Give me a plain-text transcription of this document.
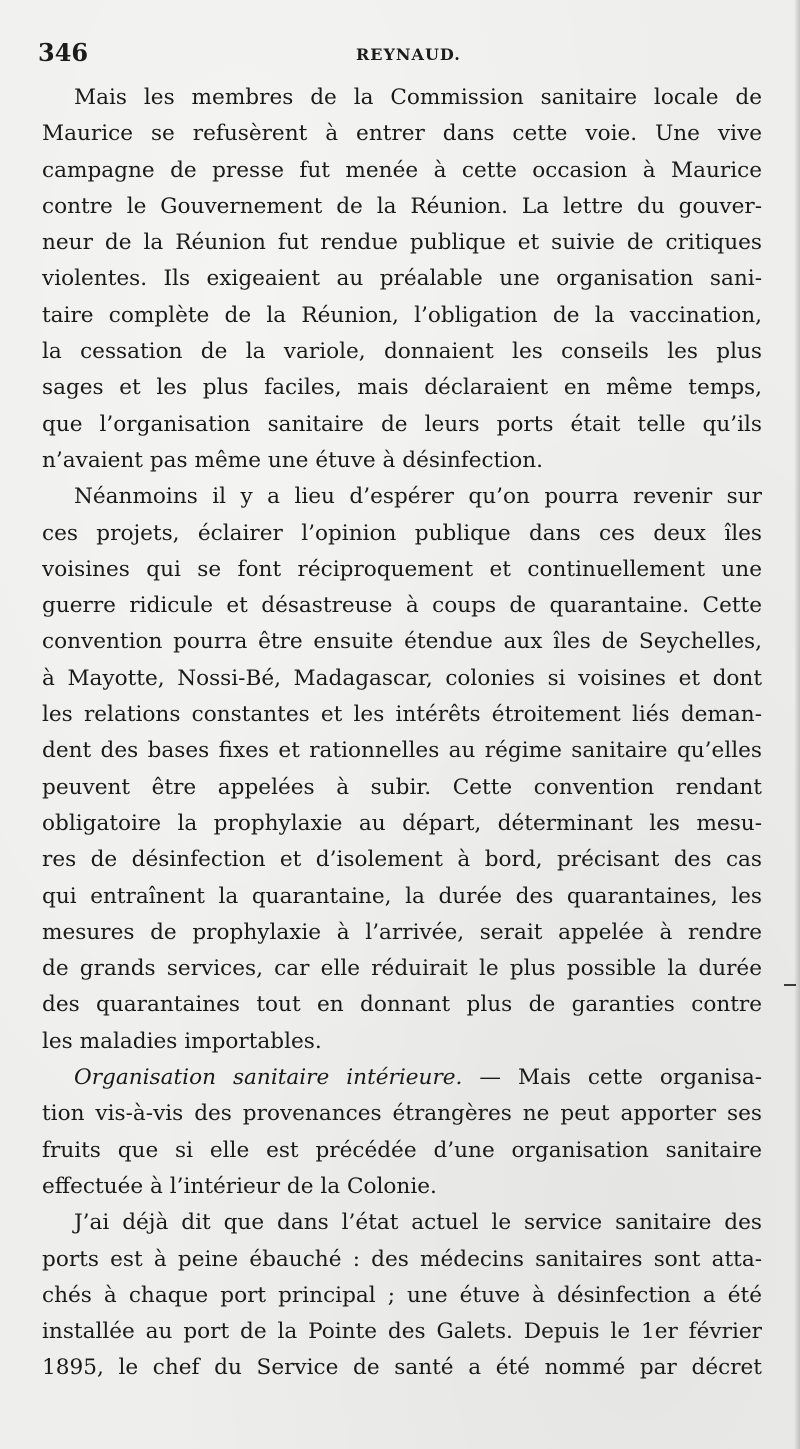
346	REYNAUD.
Mais les membres de la Commission sanitaire locale de
Maurice se refusèrent à entrer dans cette voie. Une vive
campagne de presse fut menée à cette occasion à Maurice
contre le Gouvernement de la Réunion. La lettre du gouver-
neur de la Réunion fut rendue publique et suivie de critiques
violentes. Ils exigeaient au préalable une organisation sani-
taire complète de la Réunion, l’obligation de la vaccination,
la cessation de la variole, donnaient les conseils les plus
sages et les plus faciles, mais déclaraient en même temps,
que l’organisation sanitaire de leurs ports était telle qu’ils
n’avaient pas même une étuve à désinfection.
Néanmoins il y a lieu d’espérer qu’on pourra revenir sur
ces projets, éclairer l’opinion publique dans ces deux îles
voisines qui se font réciproquement et continuellement une
guerre ridicule et désastreuse à coups de quarantaine. Cette
convention pourra être ensuite étendue aux îles de Seychelles,
à Mayotte, Nossi-Bé, Madagascar, colonies si voisines et dont
les relations constantes et les intérêts étroitement liés deman-
dent des bases fixes et rationnelles au régime sanitaire qu’elles
peuvent être appelées à subir. Cette convention rendant
obligatoire la prophylaxie au départ, déterminant les mesu-
res de désinfection et d’isolement à bord, précisant des cas
qui entraînent la quarantaine, la durée des quarantaines, les
mesures de prophylaxie à l’arrivée, serait appelée à rendre
de grands services, car elle réduirait le plus possible la durée
des quarantaines tout en donnant plus de garanties contre
les maladies importables.
Organisation sanitaire intérieure. — Mais cette organisa-
tion vis-à-vis des provenances étrangères ne peut apporter ses
fruits que si elle est précédée d’une organisation sanitaire
effectuée à l’intérieur de la Colonie.
J’ai déjà dit que dans l’état actuel le service sanitaire des
ports est à peine ébauché : des médecins sanitaires sont atta-
chés à chaque port principal ; une étuve à désinfection a été
installée au port de la Pointe des Galets. Depuis le 1er février
1895, le chef du Service de santé a été nommé par décret
